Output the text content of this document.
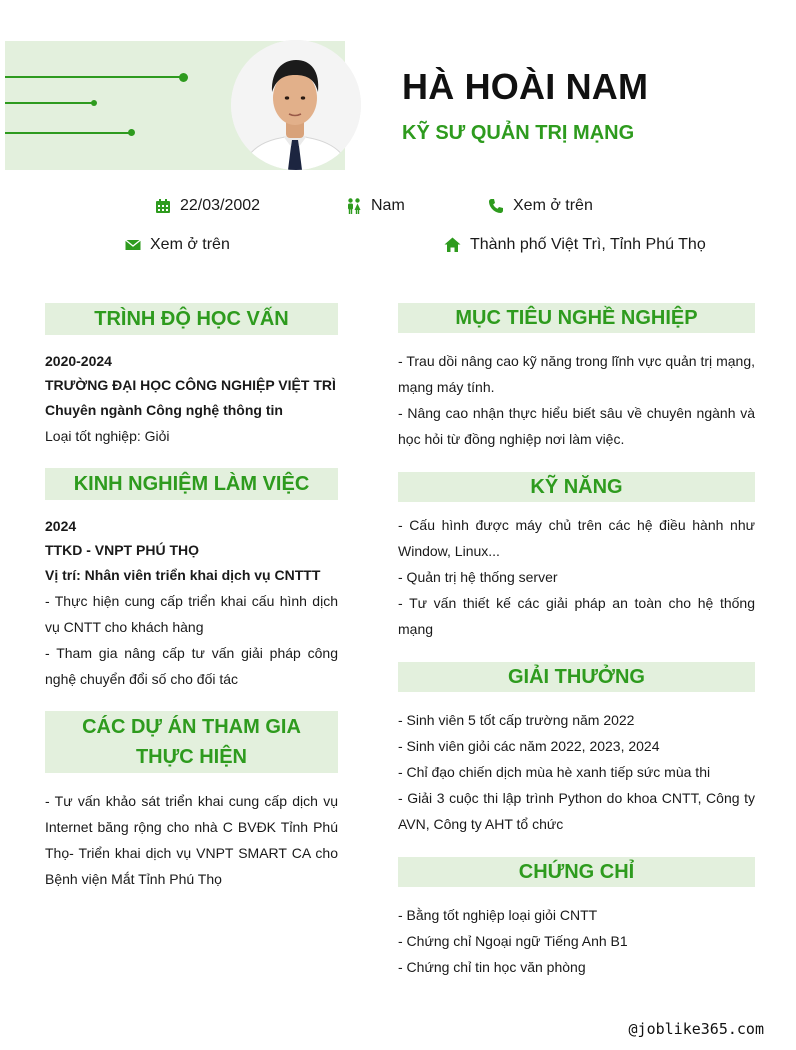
HÀ HOÀI NAM
KỸ SƯ QUẢN TRỊ MẠNG
22/03/2002	Nam	Xem ở trên
Xem ở trên	Thành phố Việt Trì, Tỉnh Phú Thọ
TRÌNH ĐỘ HỌC VẤN
2020-2024
TRƯỜNG ĐẠI HỌC CÔNG NGHIỆP VIỆT TRÌ
Chuyên ngành Công nghệ thông tin
Loại tốt nghiệp: Giỏi
KINH NGHIỆM LÀM VIỆC
2024
TTKD - VNPT PHÚ THỌ
Vị trí: Nhân viên triển khai dịch vụ CNTTT
- Thực hiện cung cấp triển khai cấu hình dịch vụ CNTT cho khách hàng
- Tham gia nâng cấp tư vấn giải pháp công nghệ chuyển đổi số cho đối tác
CÁC DỰ ÁN THAM GIA THỰC HIỆN
- Tư vấn khảo sát triển khai cung cấp dịch vụ Internet băng rộng cho nhà C BVĐK Tỉnh Phú Thọ- Triển khai dịch vụ VNPT SMART CA cho Bệnh viện Mắt Tỉnh Phú Thọ
MỤC TIÊU NGHỀ NGHIỆP
- Trau dồi nâng cao kỹ năng trong lĩnh vực quản trị mạng, mạng máy tính.
- Nâng cao nhận thực hiểu biết sâu về chuyên ngành và học hỏi từ đồng nghiệp nơi làm việc.
KỸ NĂNG
- Cấu hình được máy chủ trên các hệ điều hành như Window, Linux...
- Quản trị hệ thống server
- Tư vấn thiết kế các giải pháp an toàn cho hệ thống mạng
GIẢI THƯỞNG
- Sinh viên 5 tốt cấp trường năm 2022
- Sinh viên giỏi các năm 2022, 2023, 2024
- Chỉ đạo chiến dịch mùa hè xanh tiếp sức mùa thi
- Giải 3 cuộc thi lập trình Python do khoa CNTT, Công ty AVN, Công ty AHT tổ chức
CHỨNG CHỈ
- Bằng tốt nghiệp loại giỏi CNTT
- Chứng chỉ Ngoại ngữ Tiếng Anh B1
- Chứng chỉ tin học văn phòng
@joblike365.com
